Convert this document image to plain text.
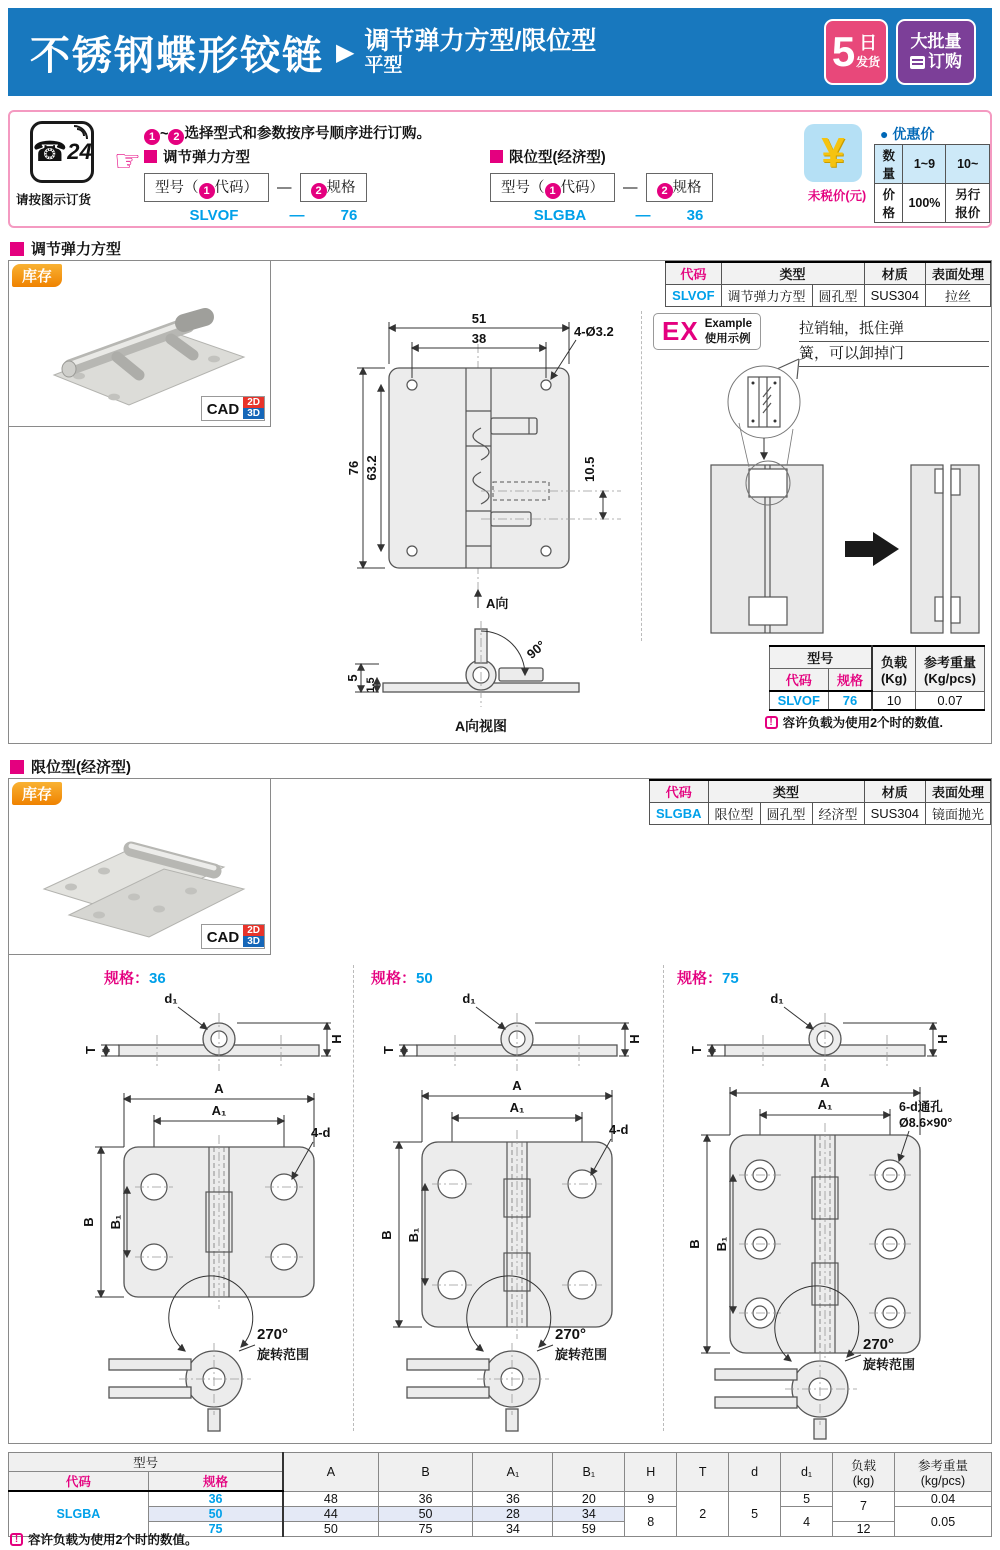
不锈钢蝶形铰链 ▶ 调节弹力方型/限位型
平型	5 日
发货
大批量
订购
☎ 24
请按图示订货
☞
1 ~ 2 选择型式和参数按序号顺序进行订购。
调节弹力方型
型号（ 1 代码）	—	2 规格
SLVOF	—	76
限位型(经济型)
型号（ 1 代码）	—	2 规格
SLGBA	—	36
¥
未税价(元)
● 优惠价
数量	1~9	10~
价格	100%	另行报价
调节弹力方型
库存
CAD 2D
3D
代码	类型		材质	表面处理
SLVOF	调节弹力方型	圆孔型	SUS304	拉丝
51
38	4-Ø3.2
76 63.2	10.5
A向
90°
5 1.5
A向视图
EX Example
使用示例
拉销轴，抵住弹
簧，可以卸掉门
型号		负载
(Kg)	参考重量
(Kg/pcs)
代码	规格		
SLVOF	76	10	0.07
! 容许负载为使用2个时的数值.
限位型(经济型)
库存
CAD 2D
3D
代码	类型			材质	表面处理
SLGBA	限位型	圆孔型	经济型	SUS304	镜面抛光
规格：36	规格：50	规格：75
d₁
H
T
A
A₁
B B₁
4-d
270°
旋转范围
d₁
H
T
A
A₁
B B₁
4-d
270°
旋转范围
d₁
H
T
A
A₁
B B₁
6-d通孔
Ø8.6×90°
270°
旋转范围
型号		A	B	A₁	B₁	H	T	d	d₁	负载
(kg)	参考重量
(kg/pcs)
代码	规格										
SLGBA	36	48	36	36	20	9	2	5	5	7	0.04
	50	44	50	28	34	8			4		0.05
	75	50	75	34	59					12	
! 容许负载为使用2个时的数值。
